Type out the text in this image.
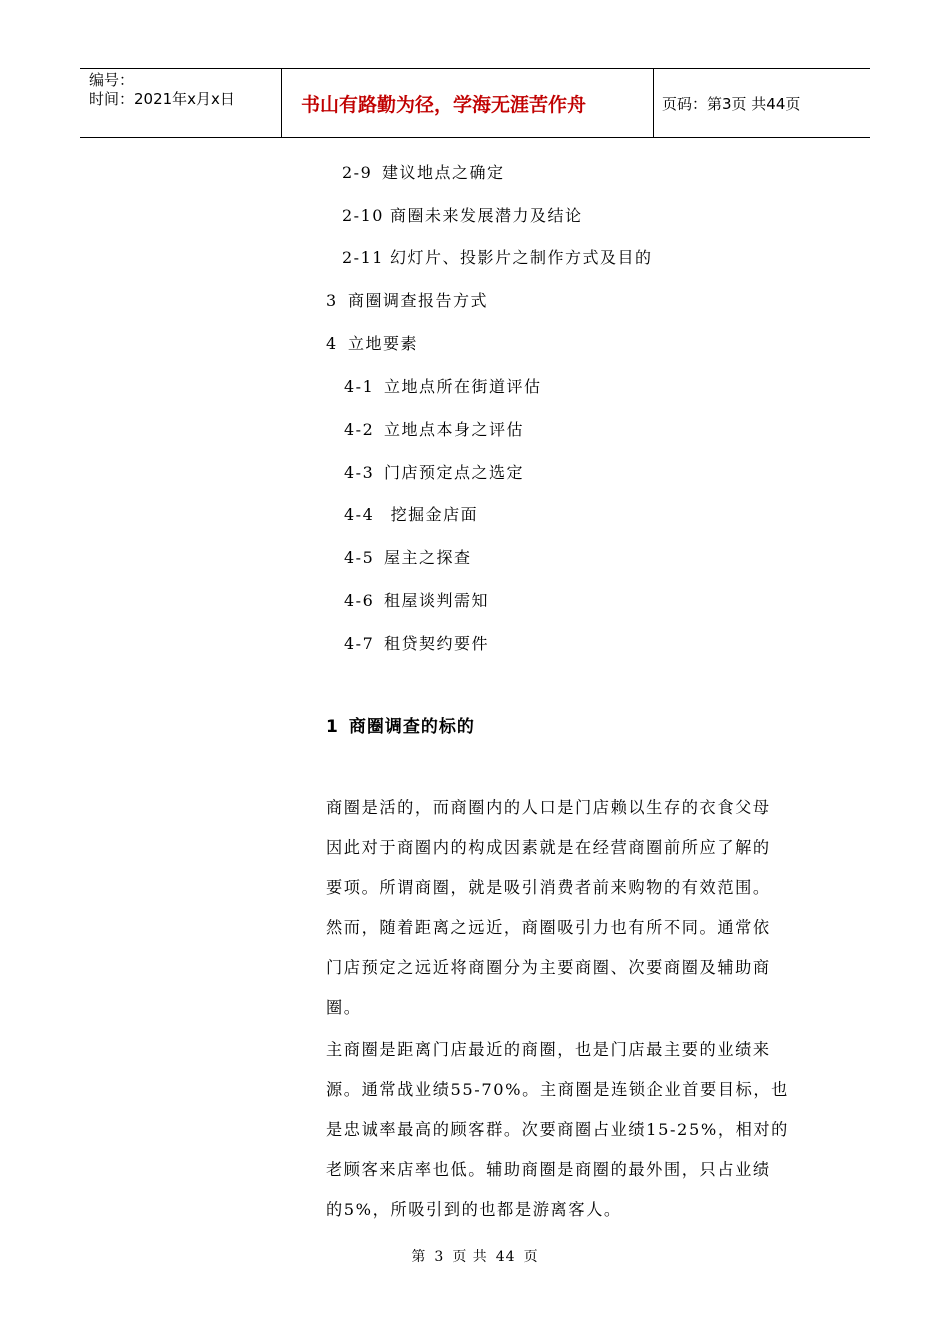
编号：
时间：2021年x月x日	书山有路勤为径，学海无涯苦作舟	页码：第3页 共44页
2-9 建议地点之确定
2-10 商圈未来发展潜力及结论
2-11 幻灯片、投影片之制作方式及目的
3 商圈调查报告方式
4 立地要素
4-1 立地点所在街道评估
4-2 立地点本身之评估
4-3 门店预定点之选定
4-4 挖掘金店面
4-5 屋主之探查
4-6 租屋谈判需知
4-7 租贷契约要件
1 商圈调查的标的
商圈是活的，而商圈内的人口是门店赖以生存的衣食父母
因此对于商圈内的构成因素就是在经营商圈前所应了解的
要项。所谓商圈，就是吸引消费者前来购物的有效范围。
然而，随着距离之远近，商圈吸引力也有所不同。通常依
门店预定之远近将商圈分为主要商圈、次要商圈及辅助商
圈。
主商圈是距离门店最近的商圈，也是门店最主要的业绩来
源。通常战业绩55-70%。主商圈是连锁企业首要目标，也
是忠诚率最高的顾客群。次要商圈占业绩15-25%，相对的
老顾客来店率也低。辅助商圈是商圈的最外围，只占业绩
的5%，所吸引到的也都是游离客人。
第 3 页 共 44 页
